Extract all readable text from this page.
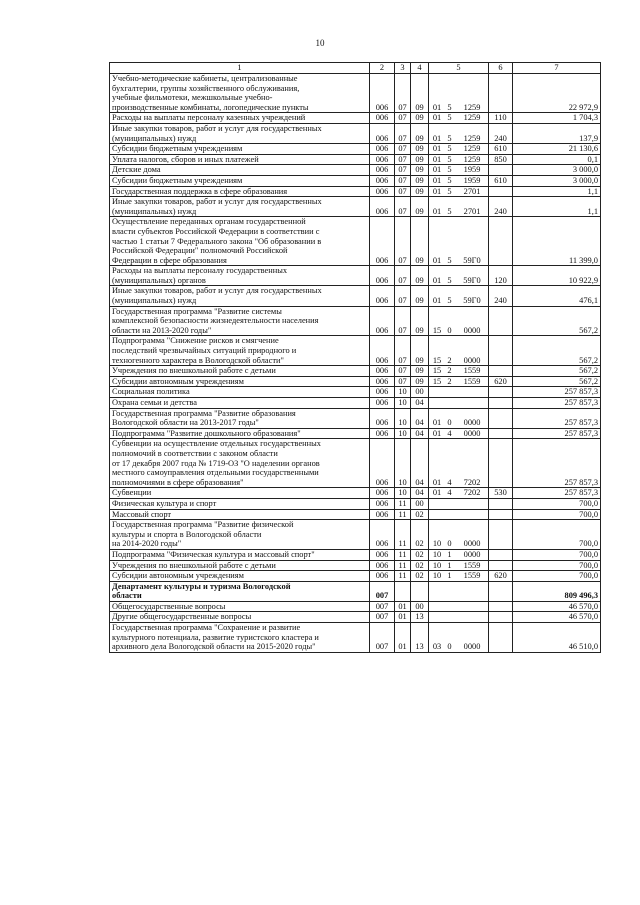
10
1	2	3	4	5	6	7
Учебно-методические кабинеты, централизованные
бухгалтерии, группы хозяйственного обслуживания,
учебные фильмотеки, межшкольные учебно-
производственные комбинаты, логопедические пункты	006	07	09	01 5 1259		22 972,9
Расходы на выплаты персоналу казенных учреждений	006	07	09	01 5 1259	110	1 704,3
Иные закупки товаров, работ и услуг для государственных
(муниципальных) нужд	006	07	09	01 5 1259	240	137,9
Субсидии бюджетным учреждениям	006	07	09	01 5 1259	610	21 130,6
Уплата налогов, сборов и иных платежей	006	07	09	01 5 1259	850	0,1
Детские дома	006	07	09	01 5 1959		3 000,0
Субсидии бюджетным учреждениям	006	07	09	01 5 1959	610	3 000,0
Государственная поддержка в сфере образования	006	07	09	01 5 2701		1,1
Иные закупки товаров, работ и услуг для государственных
(муниципальных) нужд	006	07	09	01 5 2701	240	1,1
Осуществление переданных органам государственной
власти субъектов Российской Федерации в соответствии с
частью 1 статьи 7 Федерального закона "Об образовании в
Российской Федерации" полномочий Российской
Федерации в сфере образования	006	07	09	01 5 59Г0		11 399,0
Расходы на выплаты персоналу государственных
(муниципальных) органов	006	07	09	01 5 59Г0	120	10 922,9
Иные закупки товаров, работ и услуг для государственных
(муниципальных) нужд	006	07	09	01 5 59Г0	240	476,1
Государственная программа "Развитие системы
комплексной безопасности жизнедеятельности населения
области на 2013-2020 годы"	006	07	09	15 0 0000		567,2
Подпрограмма "Снижение рисков и смягчение
последствий чрезвычайных ситуаций природного и
техногенного характера в Вологодской области"	006	07	09	15 2 0000		567,2
Учреждения по внешкольной работе с детьми	006	07	09	15 2 1559		567,2
Субсидии автономным учреждениям	006	07	09	15 2 1559	620	567,2
Социальная политика	006	10	00			257 857,3
Охрана семьи и детства	006	10	04			257 857,3
Государственная программа "Развитие образования
Вологодской области на 2013-2017 годы"	006	10	04	01 0 0000		257 857,3
Подпрограмма "Развитие дошкольного образования"	006	10	04	01 4 0000		257 857,3
Субвенции на осуществление отдельных государственных
полномочий в соответствии с законом области
от 17 декабря 2007 года № 1719-ОЗ "О наделении органов
местного самоуправления отдельными государственными
полномочиями в сфере образования"	006	10	04	01 4 7202		257 857,3
Субвенции	006	10	04	01 4 7202	530	257 857,3
Физическая культура и спорт	006	11	00			700,0
Массовый спорт	006	11	02			700,0
Государственная программа "Развитие физической
культуры и спорта в Вологодской области
на 2014-2020 годы"	006	11	02	10 0 0000		700,0
Подпрограмма "Физическая культура и массовый спорт"	006	11	02	10 1 0000		700,0
Учреждения по внешкольной работе с детьми	006	11	02	10 1 1559		700,0
Субсидии автономным учреждениям	006	11	02	10 1 1559	620	700,0
Департамент культуры и туризма Вологодской
области	007					809 496,3
Общегосударственные вопросы	007	01	00			46 570,0
Другие общегосударственные вопросы	007	01	13			46 570,0
Государственная программа "Сохранение и развитие
культурного потенциала, развитие туристского кластера и
архивного дела Вологодской области на 2015-2020 годы"	007	01	13	03 0 0000		46 510,0
